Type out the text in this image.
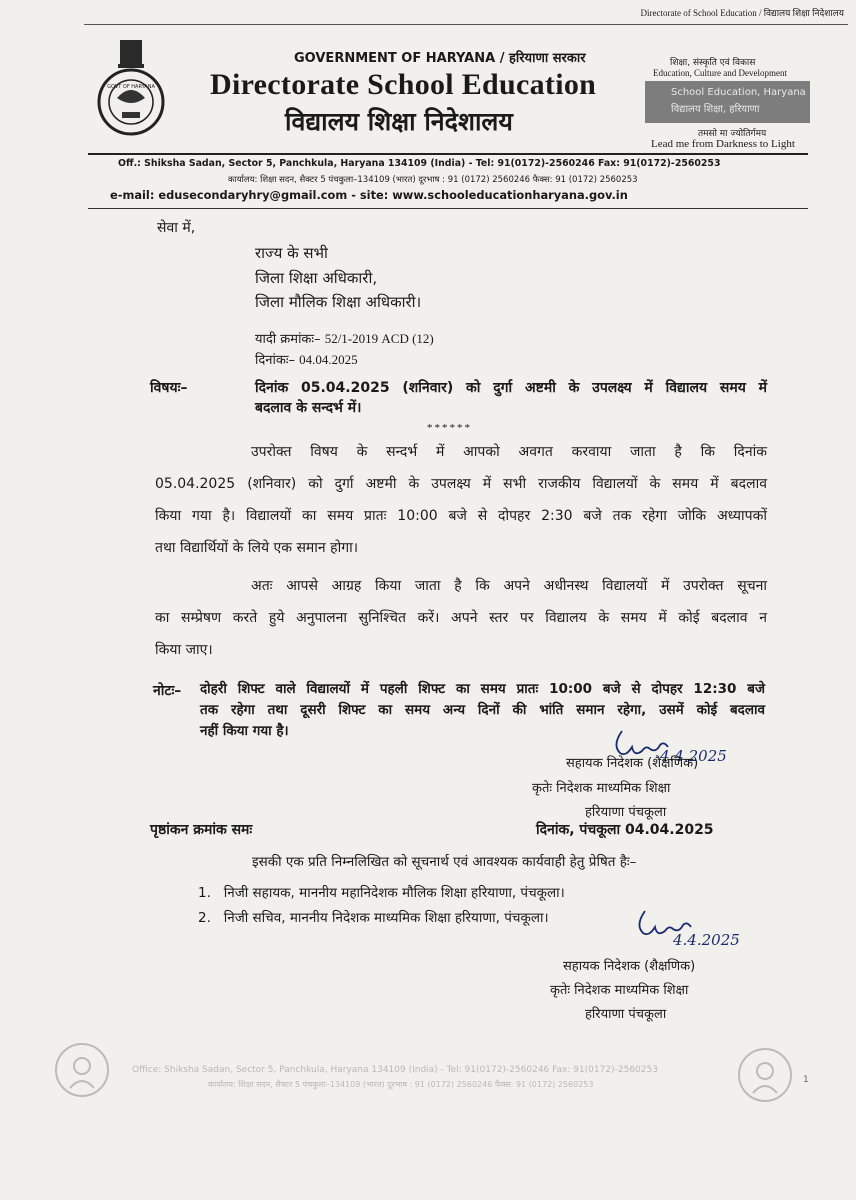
Directorate of School Education / विद्यालय शिक्षा निदेशालय
GOVT OF HARYANA
GOVERNMENT OF HARYANA / हरियाणा सरकार
Directorate School Education
विद्यालय शिक्षा निदेशालय
शिक्षा, संस्कृति एवं विकास
Education, Culture and Development
School Education, Haryana
विद्यालय शिक्षा, हरियाणा
तमसो मा ज्योतिर्गमय
Lead me from Darkness to Light
Off.: Shiksha Sadan, Sector 5, Panchkula, Haryana 134109 (India) - Tel: 91(0172)-2560246 Fax: 91(0172)-2560253
कार्यालय: शिक्षा सदन, सैक्टर 5 पंचकुला–134109 (भारत) दूरभाष : 91 (0172) 2560246 फैक्स: 91 (0172) 2560253
e-mail: edusecondaryhry@gmail.com - site: www.schooleducationharyana.gov.in
सेवा में,
राज्य के सभी
जिला शिक्षा अधिकारी,
जिला मौलिक शिक्षा अधिकारी।
यादी क्रमांकः– 52/1-2019 ACD (12)
दिनांकः– 04.04.2025
विषयः–	दिनांक 05.04.2025 (शनिवार) को दुर्गा अष्टमी के उपलक्ष्य में विद्यालय समय में
बदलाव के सन्दर्भ में।
******
उपरोक्त विषय के सन्दर्भ में आपको अवगत करवाया जाता है कि दिनांक
05.04.2025 (शनिवार) को दुर्गा अष्टमी के उपलक्ष्य में सभी राजकीय विद्यालयों के समय में बदलाव
किया गया है। विद्यालयों का समय प्रातः 10:00 बजे से दोपहर 2:30 बजे तक रहेगा जोकि अध्यापकों
तथा विद्यार्थियों के लिये एक समान होगा।
अतः आपसे आग्रह किया जाता है कि अपने अधीनस्थ विद्यालयों में उपरोक्त सूचना
का सम्प्रेषण करते हुये अनुपालना सुनिश्चित करें। अपने स्तर पर विद्यालय के समय में कोई बदलाव न
किया जाए।
नोटः– दोहरी शिफ्ट वाले विद्यालयों में पहली शिफ्ट का समय प्रातः 10:00 बजे से दोपहर 12:30 बजे
तक रहेगा तथा दूसरी शिफ्ट का समय अन्य दिनों की भांति समान रहेगा, उसमें कोई बदलाव
नहीं किया गया है।
4.4.2025
सहायक निदेशक (शैक्षणिक)
कृतेः निदेशक माध्यमिक शिक्षा
हरियाणा पंचकूला
पृष्ठांकन क्रमांक समः	दिनांक, पंचकूला 04.04.2025
इसकी एक प्रति निम्नलिखित को सूचनार्थ एवं आवश्यक कार्यवाही हेतु प्रेषित हैः–
1.   निजी सहायक, माननीय महानिदेशक मौलिक शिक्षा हरियाणा, पंचकूला।
2.   निजी सचिव, माननीय निदेशक माध्यमिक शिक्षा हरियाणा, पंचकूला।
4.4.2025
सहायक निदेशक (शैक्षणिक)
कृतेः निदेशक माध्यमिक शिक्षा
हरियाणा पंचकूला
Office: Shiksha Sadan, Sector 5, Panchkula, Haryana 134109 (India) - Tel: 91(0172)-2560246 Fax: 91(0172)-2560253
कार्यालय: शिक्षा सदन, सैक्टर 5 पंचकुला–134109 (भारत) दूरभाष : 91 (0172) 2560246 फैक्स: 91 (0172) 2560253	1
